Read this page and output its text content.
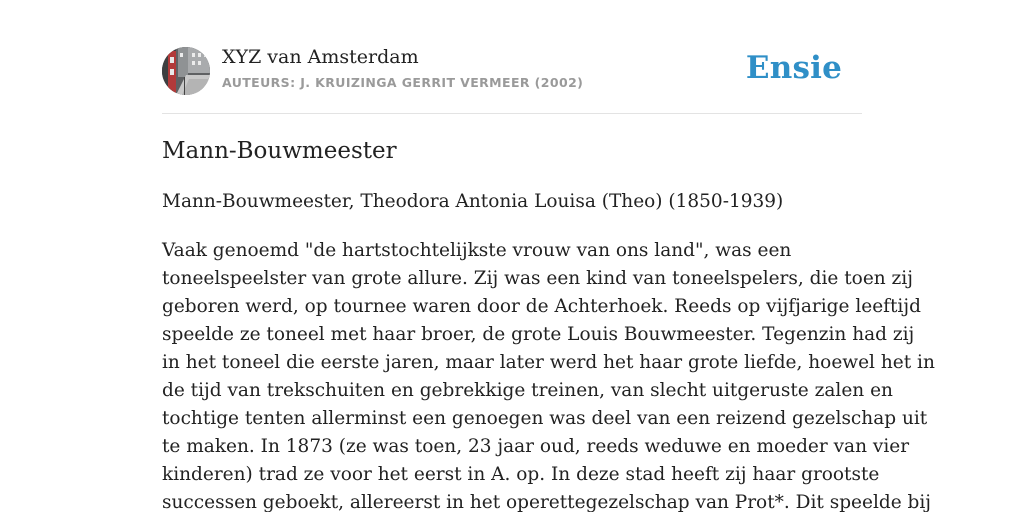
XYZ van Amsterdam
AUTEURS: J. KRUIZINGA GERRIT VERMEER (2002)	Ensie
Mann-Bouwmeester

Mann-Bouwmeester, Theodora Antonia Louisa (Theo) (1850-1939)

Vaak genoemd "de hartstochtelijkste vrouw van ons land", was een
toneelspeelster van grote allure. Zij was een kind van toneelspelers, die toen zij
geboren werd, op tournee waren door de Achterhoek. Reeds op vijfjarige leeftijd
speelde ze toneel met haar broer, de grote Louis Bouwmeester. Tegenzin had zij
in het toneel die eerste jaren, maar later werd het haar grote liefde, hoewel het in
de tijd van trekschuiten en gebrekkige treinen, van slecht uitgeruste zalen en
tochtige tenten allerminst een genoegen was deel van een reizend gezelschap uit
te maken. In 1873 (ze was toen, 23 jaar oud, reeds weduwe en moeder van vier
kinderen) trad ze voor het eerst in A. op. In deze stad heeft zij haar grootste
successen geboekt, allereerst in het operettegezelschap van Prot*. Dit speelde bij
